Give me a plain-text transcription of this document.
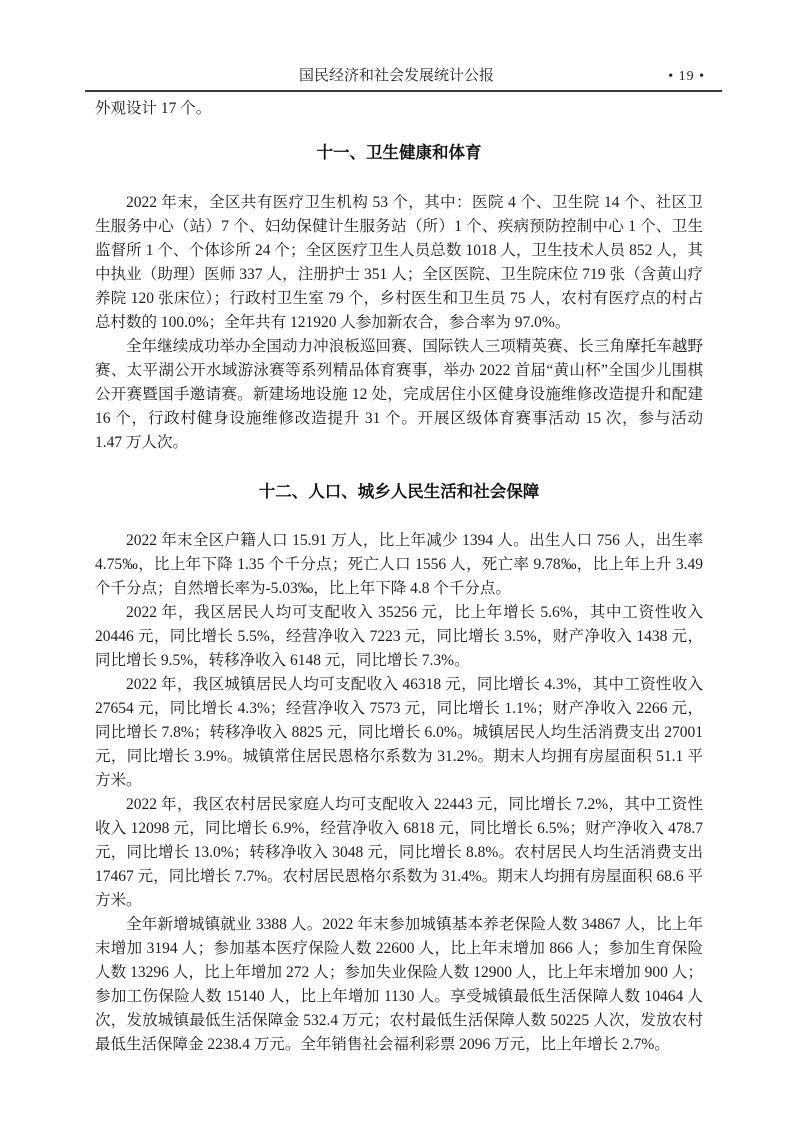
国民经济和社会发展统计公报	• 19 •

外观设计 17 个。

十一、卫生健康和体育

2022 年末，全区共有医疗卫生机构 53 个，其中：医院 4 个、卫生院 14 个、社区卫生服务中心（站）7 个、妇幼保健计生服务站（所）1 个、疾病预防控制中心 1 个、卫生监督所 1 个、个体诊所 24 个；全区医疗卫生人员总数 1018 人，卫生技术人员 852 人，其中执业（助理）医师 337 人，注册护士 351 人；全区医院、卫生院床位 719 张（含黄山疗养院 120 张床位）；行政村卫生室 79 个，乡村医生和卫生员 75 人，农村有医疗点的村占总村数的 100.0%；全年共有 121920 人参加新农合，参合率为 97.0%。

全年继续成功举办全国动力冲浪板巡回赛、国际铁人三项精英赛、长三角摩托车越野赛、太平湖公开水域游泳赛等系列精品体育赛事，举办 2022 首届“黄山杯”全国少儿围棋公开赛暨国手邀请赛。新建场地设施 12 处，完成居住小区健身设施维修改造提升和配建 16 个，行政村健身设施维修改造提升 31 个。开展区级体育赛事活动 15 次，参与活动 1.47 万人次。

十二、人口、城乡人民生活和社会保障

2022 年末全区户籍人口 15.91 万人，比上年减少 1394 人。出生人口 756 人，出生率 4.75‰，比上年下降 1.35 个千分点；死亡人口 1556 人，死亡率 9.78‰，比上年上升 3.49 个千分点；自然增长率为-5.03‰，比上年下降 4.8 个千分点。

2022 年，我区居民人均可支配收入 35256 元，比上年增长 5.6%，其中工资性收入 20446 元，同比增长 5.5%，经营净收入 7223 元，同比增长 3.5%，财产净收入 1438 元，同比增长 9.5%，转移净收入 6148 元，同比增长 7.3%。

2022 年，我区城镇居民人均可支配收入 46318 元，同比增长 4.3%，其中工资性收入 27654 元，同比增长 4.3%；经营净收入 7573 元，同比增长 1.1%；财产净收入 2266 元，同比增长 7.8%；转移净收入 8825 元，同比增长 6.0%。城镇居民人均生活消费支出 27001 元，同比增长 3.9%。城镇常住居民恩格尔系数为 31.2%。期末人均拥有房屋面积 51.1 平方米。

2022 年，我区农村居民家庭人均可支配收入 22443 元，同比增长 7.2%，其中工资性收入 12098 元，同比增长 6.9%，经营净收入 6818 元，同比增长 6.5%；财产净收入 478.7 元，同比增长 13.0%；转移净收入 3048 元，同比增长 8.8%。农村居民人均生活消费支出 17467 元，同比增长 7.7%。农村居民恩格尔系数为 31.4%。期末人均拥有房屋面积 68.6 平方米。

全年新增城镇就业 3388 人。2022 年末参加城镇基本养老保险人数 34867 人，比上年末增加 3194 人；参加基本医疗保险人数 22600 人，比上年末增加 866 人；参加生育保险人数 13296 人，比上年增加 272 人；参加失业保险人数 12900 人，比上年末增加 900 人；参加工伤保险人数 15140 人，比上年增加 1130 人。享受城镇最低生活保障人数 10464 人次，发放城镇最低生活保障金 532.4 万元；农村最低生活保障人数 50225 人次，发放农村最低生活保障金 2238.4 万元。全年销售社会福利彩票 2096 万元，比上年增长 2.7%。
